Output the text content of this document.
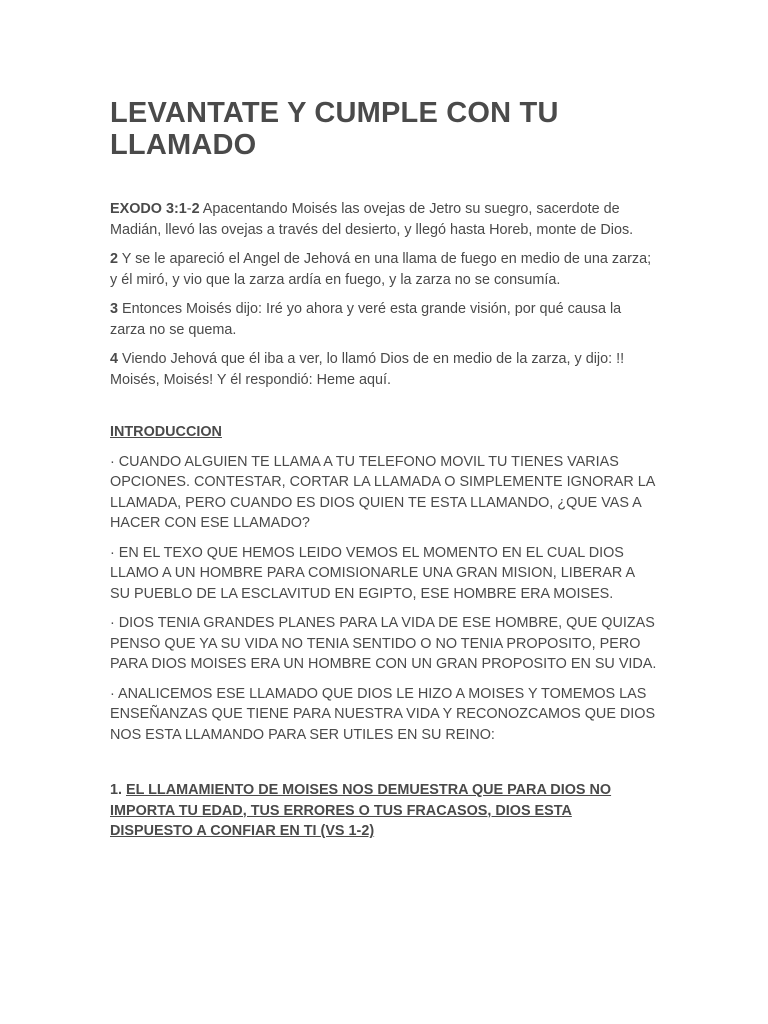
LEVANTATE Y CUMPLE CON TU LLAMADO

EXODO 3:1-2 Apacentando Moisés las ovejas de Jetro su suegro, sacerdote de Madián, llevó las ovejas a través del desierto, y llegó hasta Horeb, monte de Dios.

2 Y se le apareció el Angel de Jehová en una llama de fuego en medio de una zarza; y él miró, y vio que la zarza ardía en fuego, y la zarza no se consumía.

3 Entonces Moisés dijo: Iré yo ahora y veré esta grande visión, por qué causa la zarza no se quema.

4 Viendo Jehová que él iba a ver, lo llamó Dios de en medio de la zarza, y dijo: !! Moisés, Moisés! Y él respondió: Heme aquí.

INTRODUCCION

· CUANDO ALGUIEN TE LLAMA A TU TELEFONO MOVIL TU TIENES VARIAS OPCIONES. CONTESTAR, CORTAR LA LLAMADA O SIMPLEMENTE IGNORAR LA LLAMADA, PERO CUANDO ES DIOS QUIEN TE ESTA LLAMANDO, ¿QUE VAS A HACER CON ESE LLAMADO?

· EN EL TEXO QUE HEMOS LEIDO VEMOS EL MOMENTO EN EL CUAL DIOS LLAMO A UN HOMBRE PARA COMISIONARLE UNA GRAN MISION, LIBERAR A SU PUEBLO DE LA ESCLAVITUD EN EGIPTO, ESE HOMBRE ERA MOISES.

· DIOS TENIA GRANDES PLANES PARA LA VIDA DE ESE HOMBRE, QUE QUIZAS PENSO QUE YA SU VIDA NO TENIA SENTIDO O NO TENIA PROPOSITO, PERO PARA DIOS MOISES ERA UN HOMBRE CON UN GRAN PROPOSITO EN SU VIDA.

· ANALICEMOS ESE LLAMADO QUE DIOS LE HIZO A MOISES Y TOMEMOS LAS ENSEÑANZAS QUE TIENE PARA NUESTRA VIDA Y RECONOZCAMOS QUE DIOS NOS ESTA LLAMANDO PARA SER UTILES EN SU REINO:

1. EL LLAMAMIENTO DE MOISES NOS DEMUESTRA QUE PARA DIOS NO IMPORTA TU EDAD, TUS ERRORES O TUS FRACASOS, DIOS ESTA DISPUESTO A CONFIAR EN TI (VS 1-2)
